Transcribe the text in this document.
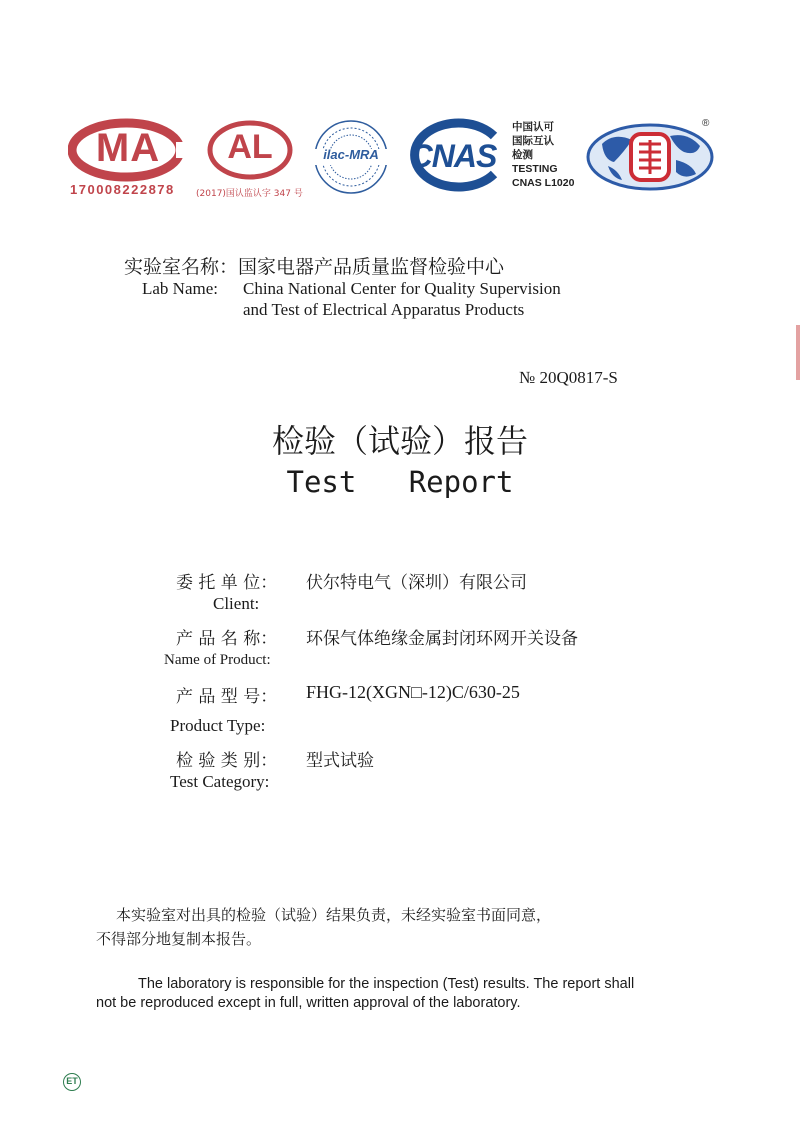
MA
170008222878
AL
(2017)国认监认字 347 号
ilac-MRA CNAS
中国认可
国际互认
检测
TESTING
CNAS L1020
®
实验室名称：国家电器产品质量监督检验中心
Lab Name: China National Center for Quality Supervision
and Test of Electrical Apparatus Products
№ 20Q0817-S
检验（试验）报告
Test   Report
委 托 单 位： 伏尔特电气（深圳）有限公司
Client:
产 品 名 称： 环保气体绝缘金属封闭环网开关设备
Name of Product:
产 品 型 号： FHG-12(XGN□-12)C/630-25
Product Type:
检 验 类 别： 型式试验
Test Category:
本实验室对出具的检验（试验）结果负责，未经实验室书面同意，
不得部分地复制本报告。
The laboratory is responsible for the inspection (Test) results. The report shall
not be reproduced except in full, written approval of the laboratory.
ET
